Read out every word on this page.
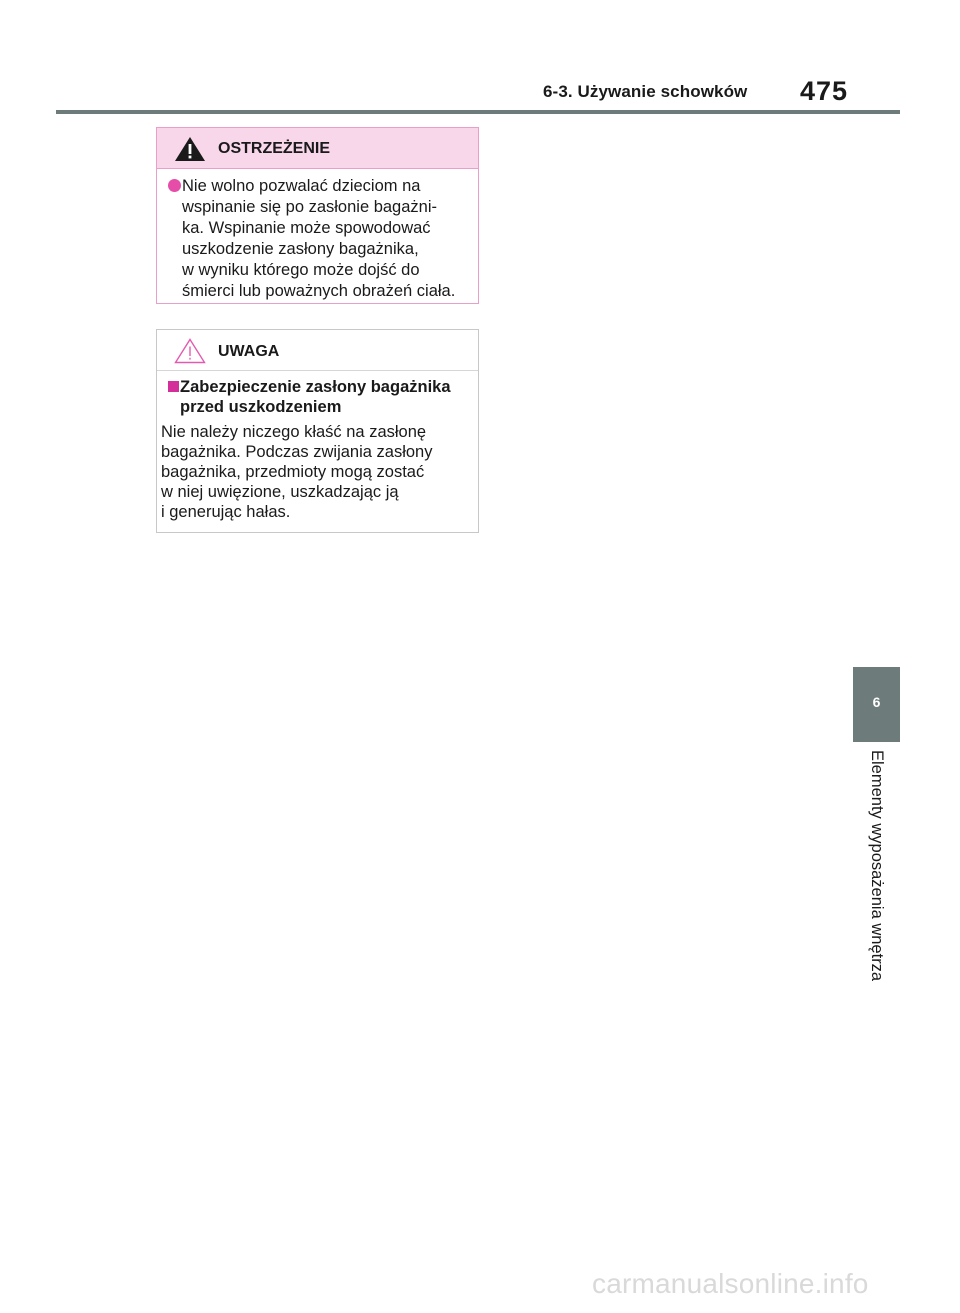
6-3. Używanie schowków 475
OSTRZEŻENIE
Nie wolno pozwalać dzieciom na
wspinanie się po zasłonie bagażni-
ka. Wspinanie może spowodować
uszkodzenie zasłony bagażnika,
w wyniku którego może dojść do
śmierci lub poważnych obrażeń ciała.
UWAGA
Zabezpieczenie zasłony bagażnika
przed uszkodzeniem
Nie należy niczego kłaść na zasłonę
bagażnika. Podczas zwijania zasłony
bagażnika, przedmioty mogą zostać
w niej uwięzione, uszkadzając ją
i generując hałas.
6
Elementy wyposażenia wnętrza
carmanualsonline.info
